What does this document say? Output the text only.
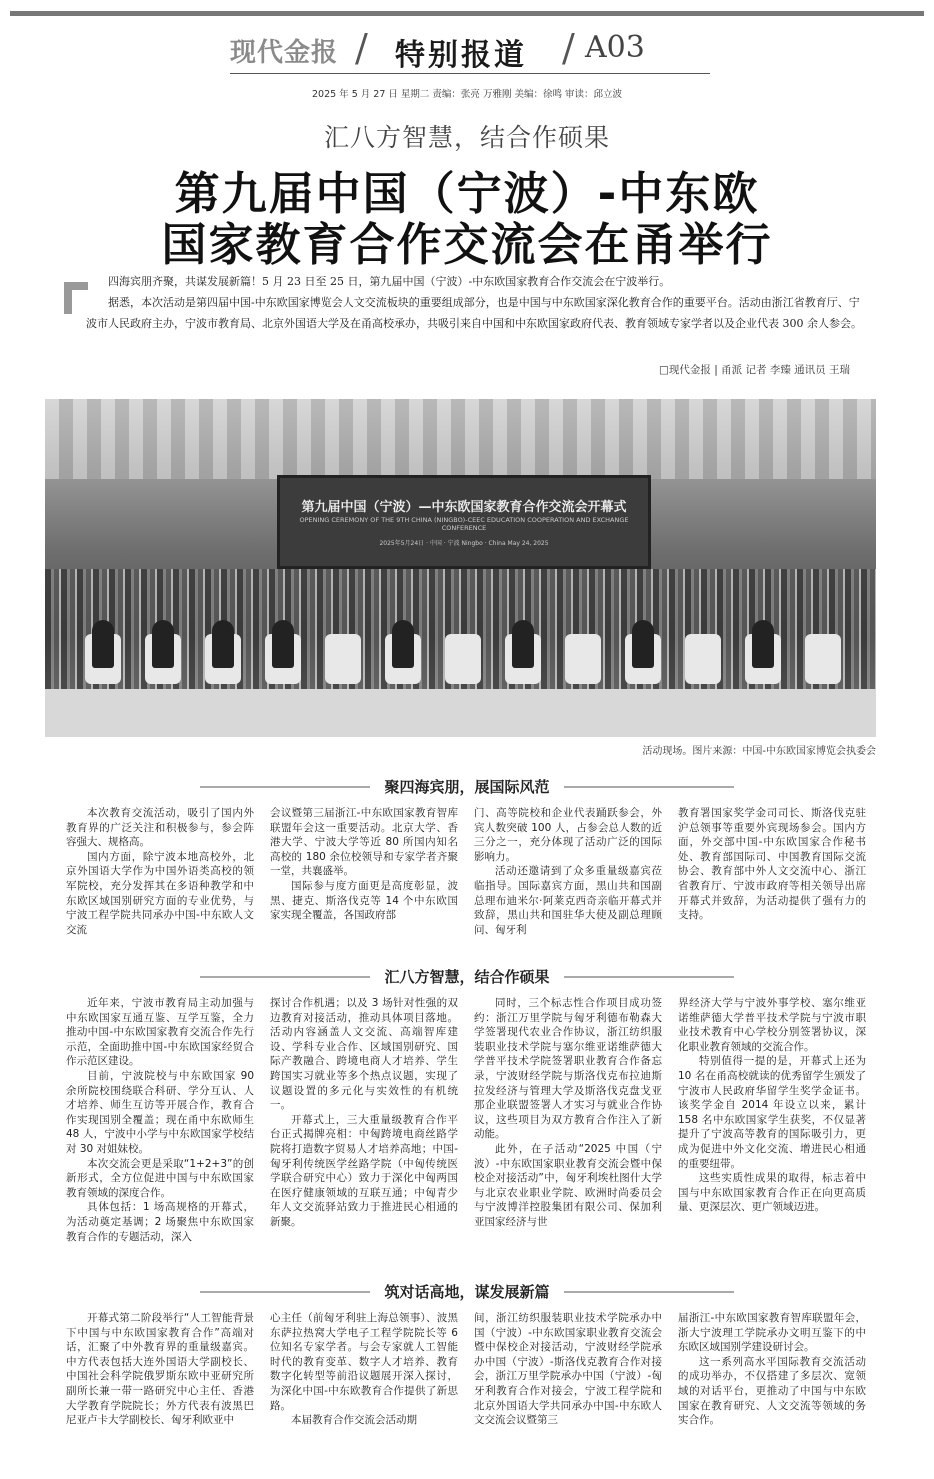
现代金报 / 特别报道 / A03
2025 年 5 月 27 日 星期二 责编：张亮 万雅刚 美编：徐鸣 审读：邱立波
汇八方智慧，结合作硕果
第九届中国（宁波）-中东欧
国家教育合作交流会在甬举行

四海宾朋齐聚，共谋发展新篇！5 月 23 日至 25 日，第九届中国（宁波）-中东欧国家教育合作交流会在宁波举行。

据悉，本次活动是第四届中国-中东欧国家博览会人文交流板块的重要组成部分，也是中国与中东欧国家深化教育合作的重要平台。活动由浙江省教育厅、宁波市人民政府主办，宁波市教育局、北京外国语大学及在甬高校承办，共吸引来自中国和中东欧国家政府代表、教育领域专家学者以及企业代表 300 余人参会。

□现代金报 | 甬派 记者 李臻 通讯员 王瑞
第九届中国（宁波）—中东欧国家教育合作交流会开幕式
OPENING CEREMONY OF THE 9TH CHINA (NINGBO)-CEEC EDUCATION COOPERATION AND EXCHANGE CONFERENCE
2025年5月24日 · 中国 · 宁波 Ningbo · China May 24, 2025
活动现场。图片来源：中国-中东欧国家博览会执委会
聚四海宾朋，展国际风范

本次教育交流活动，吸引了国内外教育界的广泛关注和积极参与，参会阵容强大、规格高。

国内方面，除宁波本地高校外，北京外国语大学作为中国外语类高校的领军院校，充分发挥其在多语种教学和中东欧区域国别研究方面的专业优势，与宁波工程学院共同承办中国-中东欧人文交流

会议暨第三届浙江-中东欧国家教育智库联盟年会这一重要活动。北京大学、香港大学、宁波大学等近 80 所国内知名高校的 180 余位校领导和专家学者齐聚一堂，共襄盛举。

国际参与度方面更是高度彰显，波黑、捷克、斯洛伐克等 14 个中东欧国家实现全覆盖，各国政府部

门、高等院校和企业代表踊跃参会，外宾人数突破 100 人，占参会总人数的近三分之一，充分体现了活动广泛的国际影响力。

活动还邀请到了众多重量级嘉宾莅临指导。国际嘉宾方面，黑山共和国副总理布迪米尔·阿莱克西奇亲临开幕式并致辞，黑山共和国驻华大使及副总理顾问、匈牙利

教育署国家奖学金司司长、斯洛伐克驻沪总领事等重要外宾现场参会。国内方面，外交部中国-中东欧国家合作秘书处、教育部国际司、中国教育国际交流协会、教育部中外人文交流中心、浙江省教育厅、宁波市政府等相关领导出席开幕式并致辞，为活动提供了强有力的支持。

汇八方智慧，结合作硕果

近年来，宁波市教育局主动加强与中东欧国家互通互鉴、互学互鉴，全力推动中国-中东欧国家教育交流合作先行示范，全面助推中国-中东欧国家经贸合作示范区建设。

目前，宁波院校与中东欧国家 90 余所院校围绕联合科研、学分互认、人才培养、师生互访等开展合作，教育合作实现国别全覆盖；现在甬中东欧师生 48 人，宁波中小学与中东欧国家学校结对 30 对姐妹校。

本次交流会更是采取“1+2+3”的创新形式，全方位促进中国与中东欧国家教育领域的深度合作。

具体包括：1 场高规格的开幕式，为活动奠定基调；2 场聚焦中东欧国家教育合作的专题活动，深入

探讨合作机遇；以及 3 场针对性强的双边教育对接活动，推动具体项目落地。活动内容涵盖人文交流、高端智库建设、学科专业合作、区域国别研究、国际产教融合、跨境电商人才培养、学生跨国实习就业等多个热点议题，实现了议题设置的多元化与实效性的有机统一。

开幕式上，三大重量级教育合作平台正式揭牌亮相：中匈跨境电商丝路学院将打造数字贸易人才培养高地；中国-匈牙利传统医学丝路学院（中匈传统医学联合研究中心）致力于深化中匈两国在医疗健康领域的互联互通；中匈青少年人文交流驿站致力于推进民心相通的新聚。

同时，三个标志性合作项目成功签约：浙江万里学院与匈牙利德布勒森大学签署现代农业合作协议，浙江纺织服装职业技术学院与塞尔维亚诺维萨德大学普平技术学院签署职业教育合作备忘录，宁波财经学院与斯洛伐克布拉迪斯拉发经济与管理大学及斯洛伐克盘戈亚那企业联盟签署人才实习与就业合作协议，这些项目为双方教育合作注入了新动能。

此外，在子活动“2025 中国（宁波）-中东欧国家职业教育交流会暨中保校企对接活动”中，匈牙利埃杜图什大学与北京农业职业学院、欧洲时尚委员会与宁波博洋控股集团有限公司、保加利亚国家经济与世

界经济大学与宁波外事学校、塞尔维亚诺维萨德大学普平技术学院与宁波市职业技术教育中心学校分别签署协议，深化职业教育领域的交流合作。

特别值得一提的是，开幕式上还为 10 名在甬高校就读的优秀留学生颁发了宁波市人民政府华留学生奖学金证书。该奖学金自 2014 年设立以来，累计 158 名中东欧国家学生获奖，不仅显著提升了宁波高等教育的国际吸引力，更成为促进中外文化交流、增进民心相通的重要纽带。

这些实质性成果的取得，标志着中国与中东欧国家教育合作正在向更高质量、更深层次、更广领域迈进。

筑对话高地，谋发展新篇

开幕式第二阶段举行“人工智能背景下中国与中东欧国家教育合作”高端对话，汇聚了中外教育界的重量级嘉宾。中方代表包括大连外国语大学副校长、中国社会科学院俄罗斯东欧中亚研究所副所长兼一带一路研究中心主任、香港大学教育学院院长；外方代表有波黑巴尼亚卢卡大学副校长、匈牙利欧亚中

心主任（前匈牙利驻上海总领事）、波黑东萨拉热窝大学电子工程学院院长等 6 位知名专家学者。与会专家就人工智能时代的教育变革、数字人才培养、教育数字化转型等前沿议题展开深入探讨，为深化中国-中东欧教育合作提供了新思路。

本届教育合作交流会活动期

间，浙江纺织服装职业技术学院承办中国（宁波）-中东欧国家职业教育交流会暨中保校企对接活动，宁波财经学院承办中国（宁波）-斯洛伐克教育合作对接会，浙江万里学院承办中国（宁波）-匈牙利教育合作对接会，宁波工程学院和北京外国语大学共同承办中国-中东欧人文交流会议暨第三

届浙江-中东欧国家教育智库联盟年会，浙大宁波理工学院承办文明互鉴下的中东欧区域国别学建设研讨会。

这一系列高水平国际教育交流活动的成功举办，不仅搭建了多层次、宽领域的对话平台，更推动了中国与中东欧国家在教育研究、人文交流等领域的务实合作。
